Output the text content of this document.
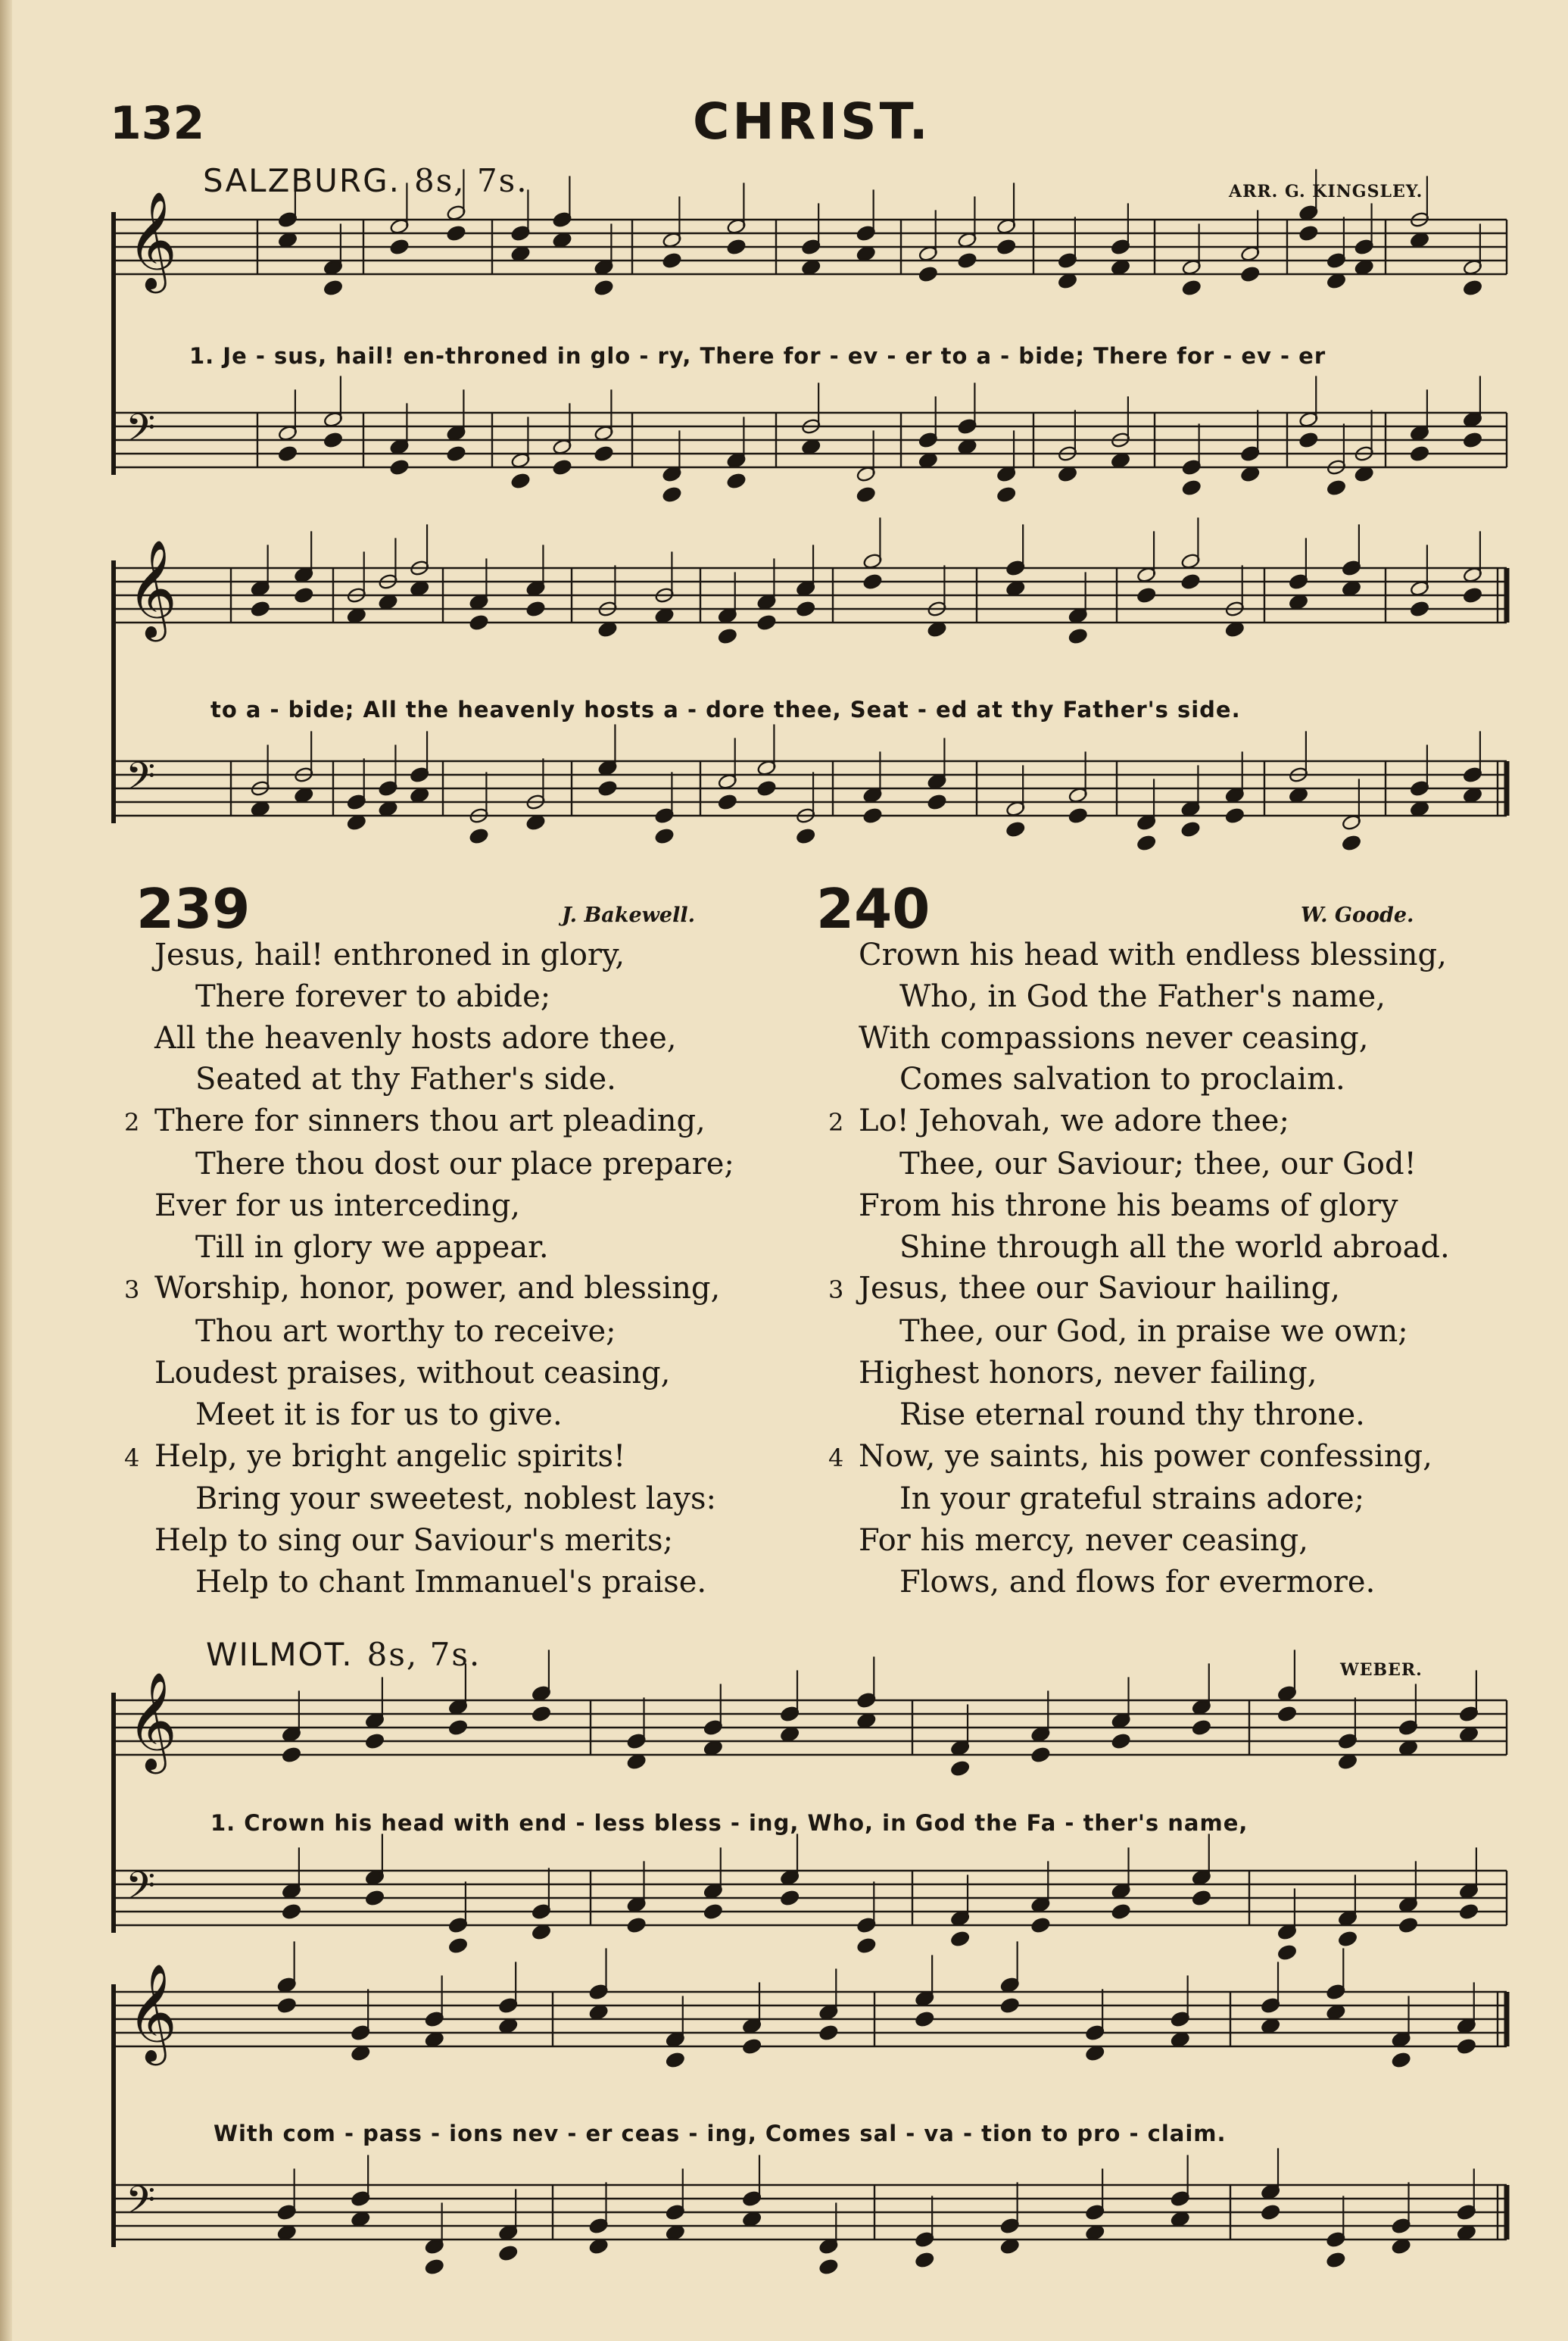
132	CHRIST.
SALZBURG. 8s, 7s.	ARR. G. KINGSLEY.
WILMOT. 8s, 7s.	WEBER.
𝄞
𝄢
𝄞
𝄢
𝄞
𝄢
𝄞
𝄢
1. Je - sus, hail! en-throned in glo - ry, There for - ev - er to a - bide; There for - ev - er
to a - bide; All the heavenly hosts a - dore thee, Seat - ed at thy Father's side.
1. Crown his head with end - less bless - ing, Who, in God the Fa - ther's name,
With com - pass - ions nev - er ceas - ing, Comes sal - va - tion to pro - claim.
239	J. Bakewell.
Jesus, hail! enthroned in glory,
There forever to abide;
All the heavenly hosts adore thee,
Seated at thy Father's side.
2 There for sinners thou art pleading,
There thou dost our place prepare;
Ever for us interceding,
Till in glory we appear.
3 Worship, honor, power, and blessing,
Thou art worthy to receive;
Loudest praises, without ceasing,
Meet it is for us to give.
4 Help, ye bright angelic spirits!
Bring your sweetest, noblest lays:
Help to sing our Saviour's merits;
Help to chant Immanuel's praise.
240	W. Goode.
Crown his head with endless blessing,
Who, in God the Father's name,
With compassions never ceasing,
Comes salvation to proclaim.
2 Lo! Jehovah, we adore thee;
Thee, our Saviour; thee, our God!
From his throne his beams of glory
Shine through all the world abroad.
3 Jesus, thee our Saviour hailing,
Thee, our God, in praise we own;
Highest honors, never failing,
Rise eternal round thy throne.
4 Now, ye saints, his power confessing,
In your grateful strains adore;
For his mercy, never ceasing,
Flows, and flows for evermore.
